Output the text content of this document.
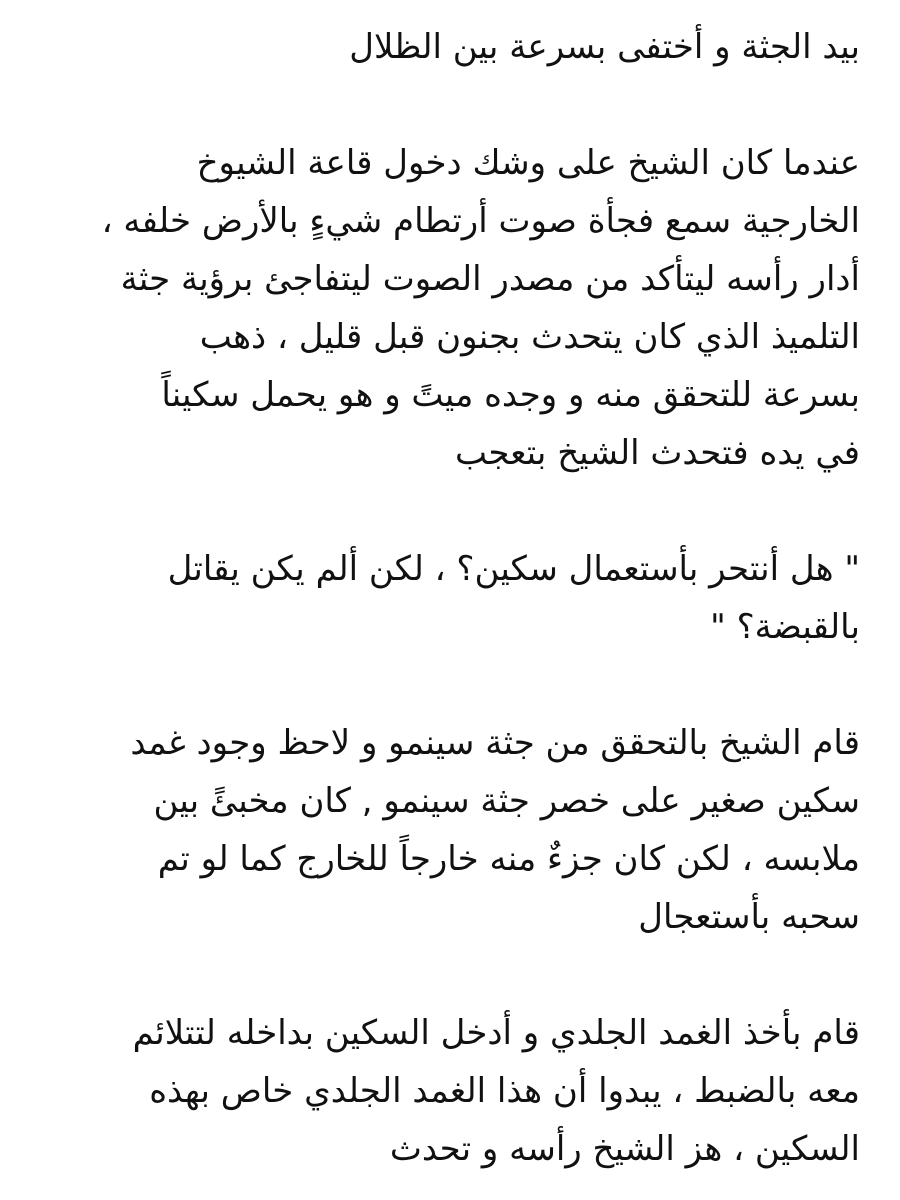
بيد الجثة و أختفى بسرعة بين الظلال
عندما كان الشيخ على وشك دخول قاعة الشيوخ
الخارجية سمع فجأة صوت أرتطام شيءٍ بالأرض خلفه ،
أدار رأسه ليتأكد من مصدر الصوت ليتفاجئ برؤية جثة
التلميذ الذي كان يتحدث بجنون قبل قليل ، ذهب
بسرعة للتحقق منه و وجده ميتً و هو يحمل سكيناً
في يده فتحدث الشيخ بتعجب
" هل أنتحر بأستعمال سكين؟ ، لكن ألم يكن يقاتل
بالقبضة؟ "
قام الشيخ بالتحقق من جثة سينمو و لاحظ وجود غمد
سكين صغير على خصر جثة سينمو , كان مخبئً بين
ملابسه ، لكن كان جزءٌ منه خارجاً للخارج كما لو تم
سحبه بأستعجال
قام بأخذ الغمد الجلدي و أدخل السكين بداخله لتتلائم
معه بالضبط ، يبدوا أن هذا الغمد الجلدي خاص بهذه
السكين ، هز الشيخ رأسه و تحدث
